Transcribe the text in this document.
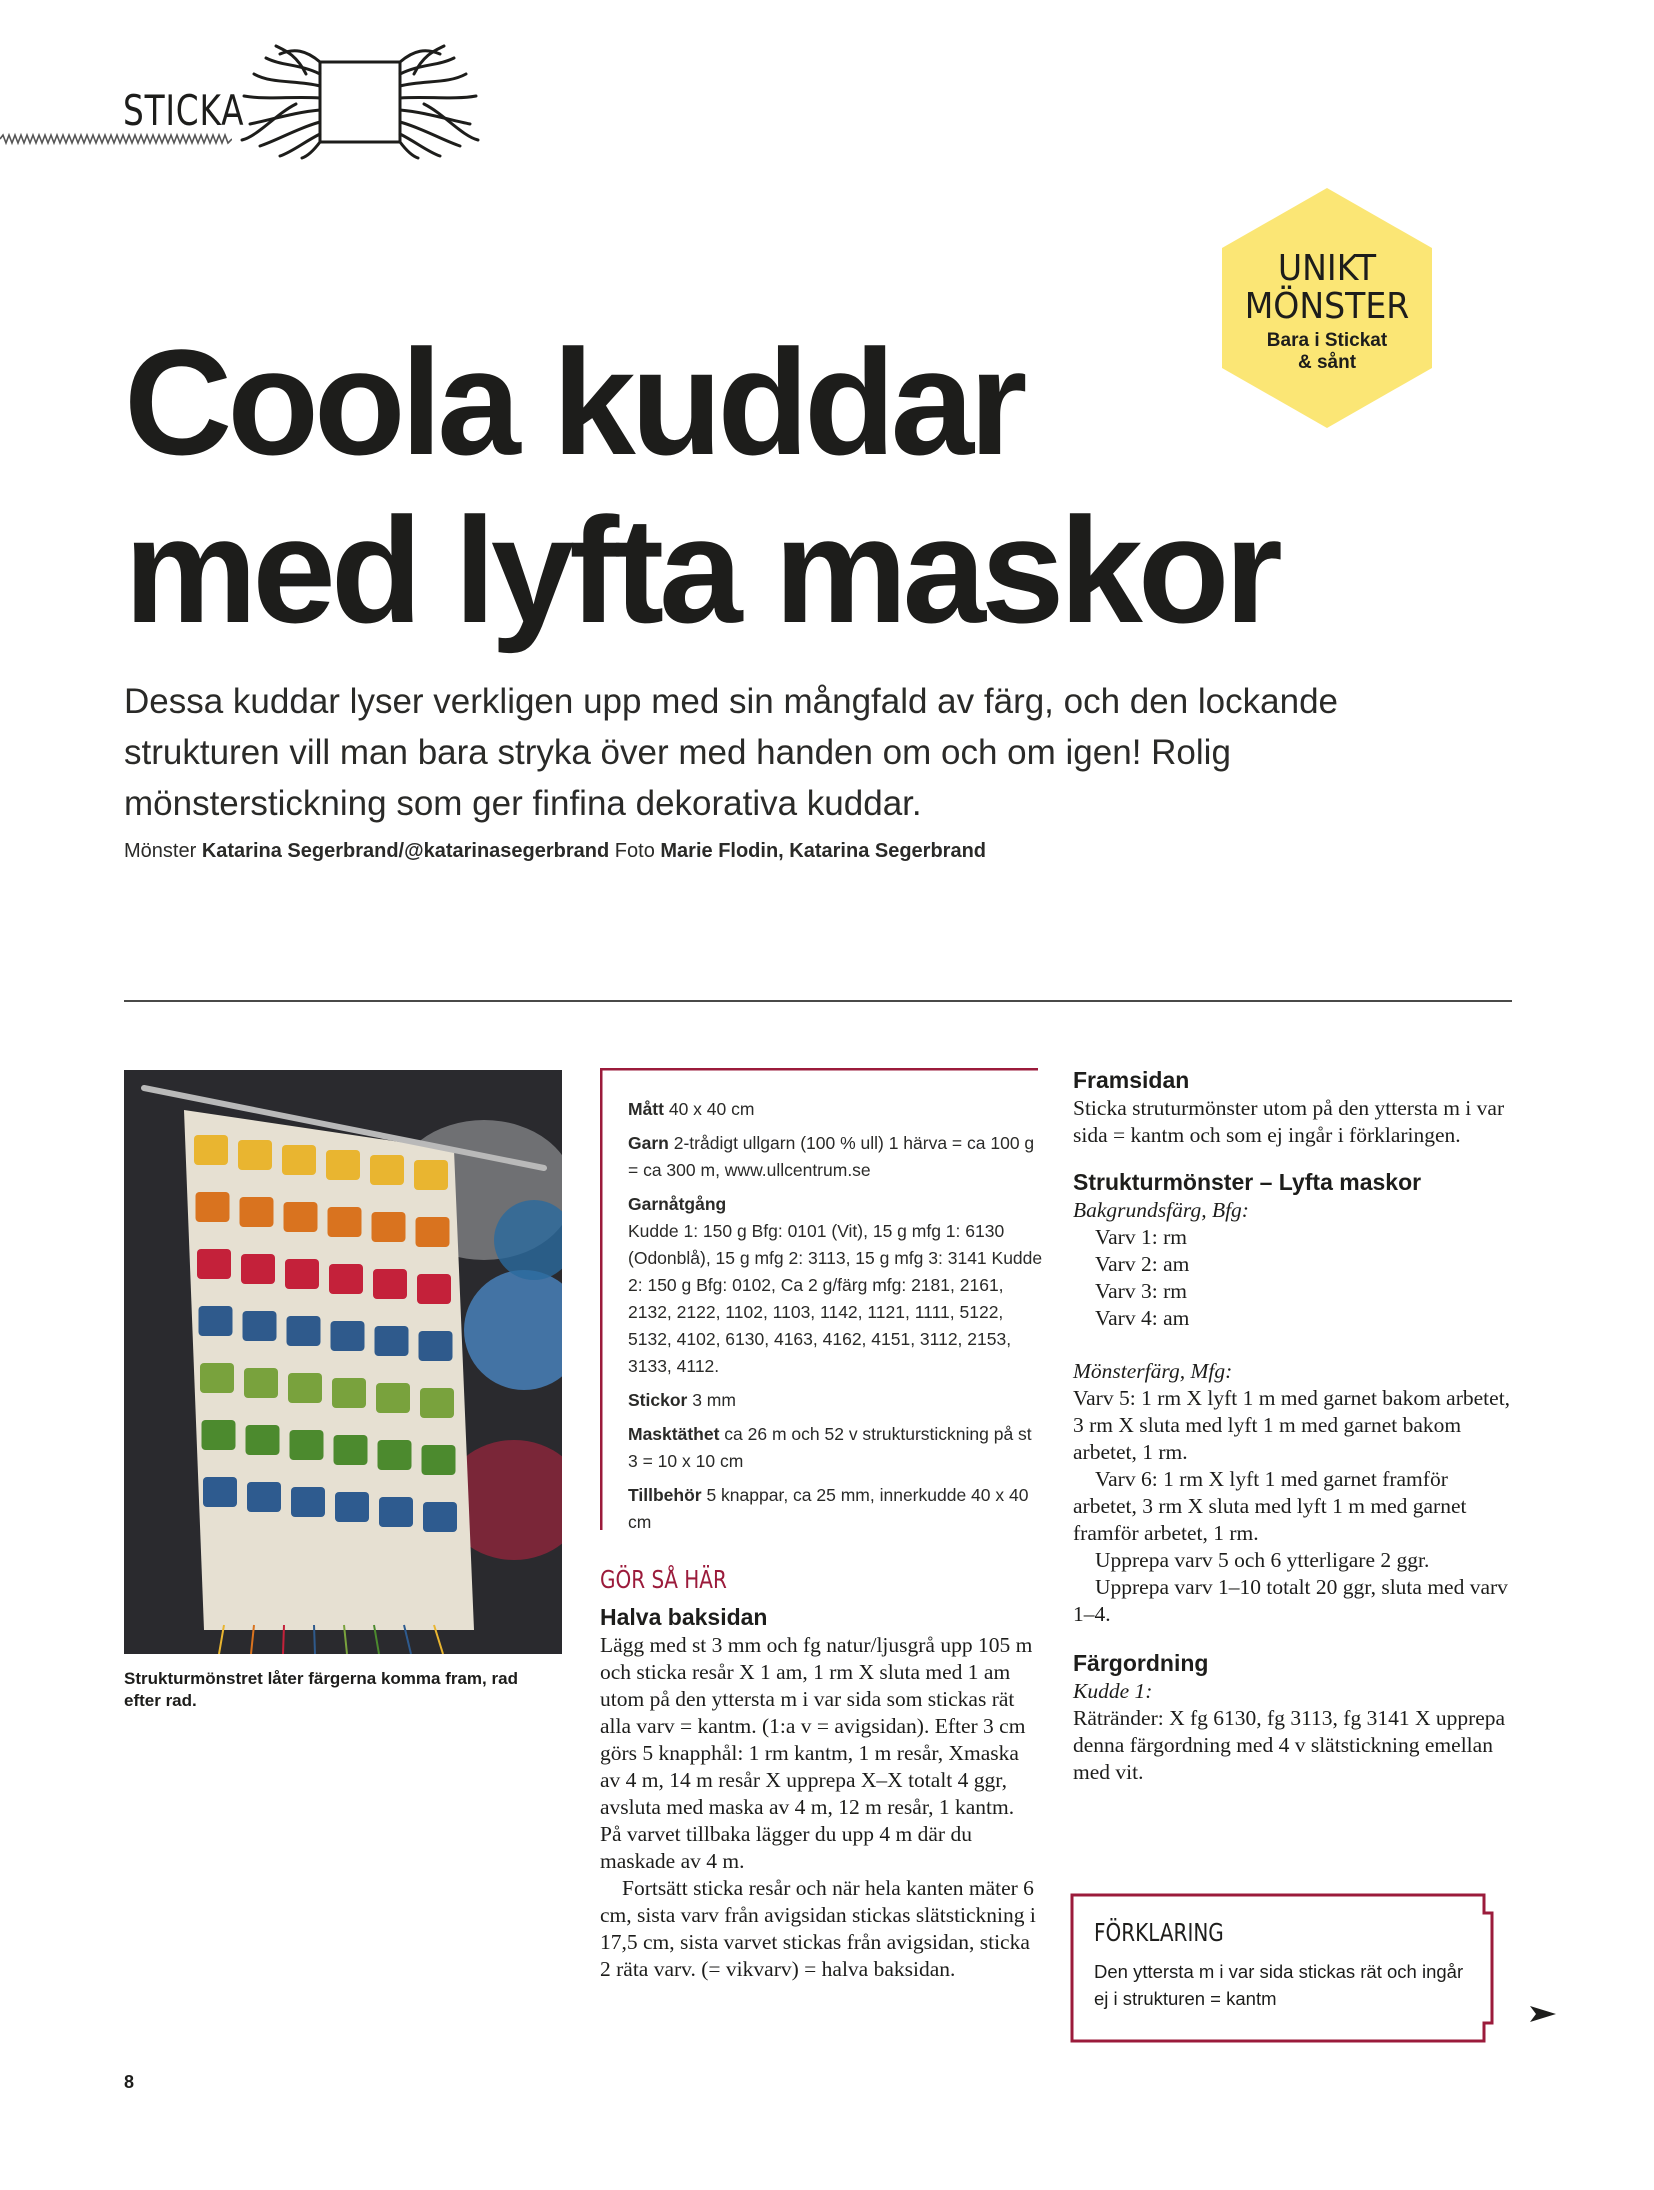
STICKA
UNIKT
MÖNSTER
Bara i Stickat
& sånt
Coola kuddar
med lyfta maskor
Dessa kuddar lyser verkligen upp med sin mångfald av färg, och den lockande strukturen vill man bara stryka över med handen om och om igen! Rolig mönsterstickning som ger finfina dekorativa kuddar.
Mönster Katarina Segerbrand/@katarinasegerbrand Foto Marie Flodin, Katarina Segerbrand
Strukturmönstret låter färgerna komma fram, rad efter rad.
Mått 40 x 40 cm
Garn 2-trådigt ullgarn (100 % ull) 1 härva = ca 100 g = ca 300 m, www.ullcentrum.se
Garnåtgång
Kudde 1: 150 g Bfg: 0101 (Vit), 15 g mfg 1: 6130 (Odonblå), 15 g mfg 2: 3113, 15 g mfg 3: 3141 Kudde 2: 150 g Bfg: 0102, Ca 2 g/färg mfg: 2181, 2161, 2132, 2122, 1102, 1103, 1142, 1121, 1111, 5122, 5132, 4102, 6130, 4163, 4162, 4151, 3112, 2153, 3133, 4112.
Stickor 3 mm
Masktäthet ca 26 m och 52 v strukturstickning på st 3 = 10 x 10 cm
Tillbehör 5 knappar, ca 25 mm, innerkudde 40 x 40 cm
GÖR SÅ HÄR
Halva baksidan
Lägg med st 3 mm och fg natur/ljusgrå upp 105 m och sticka resår X 1 am, 1 rm X sluta med 1 am utom på den yttersta m i var sida som stickas rät alla varv = kantm. (1:a v = avigsidan). Efter 3 cm görs 5 knapphål: 1 rm kantm, 1 m resår, Xmaska av 4 m, 14 m resår X upprepa X–X totalt 4 ggr, avsluta med maska av 4 m, 12 m resår, 1 kantm. På varvet tillbaka lägger du upp 4 m där du maskade av 4 m.
Fortsätt sticka resår och när hela kanten mäter 6 cm, sista varv från avigsidan stickas slätstickning i 17,5 cm, sista varvet stickas från avigsidan, sticka 2 räta varv. (= vikvarv) = halva baksidan.
Framsidan
Sticka struturmönster utom på den yttersta m i var sida = kantm och som ej ingår i förklaringen.
Strukturmönster – Lyfta maskor
Bakgrundsfärg, Bfg:
Varv 1: rm
Varv 2: am
Varv 3: rm
Varv 4: am
Mönsterfärg, Mfg:
Varv 5: 1 rm X lyft 1 m med garnet bakom arbetet, 3 rm X sluta med lyft 1 m med garnet bakom arbetet, 1 rm.
Varv 6: 1 rm X lyft 1 med garnet framför arbetet, 3 rm X sluta med lyft 1 m med garnet framför arbetet, 1 rm.
Upprepa varv 5 och 6 ytterligare 2 ggr.
Upprepa varv 1–10 totalt 20 ggr, sluta med varv 1–4.
Färgordning
Kudde 1:
Rätränder: X fg 6130, fg 3113, fg 3141 X upprepa denna färgordning med 4 v slätstickning emellan med vit.
FÖRKLARING
Den yttersta m i var sida stickas rät och ingår ej i strukturen = kantm
8
